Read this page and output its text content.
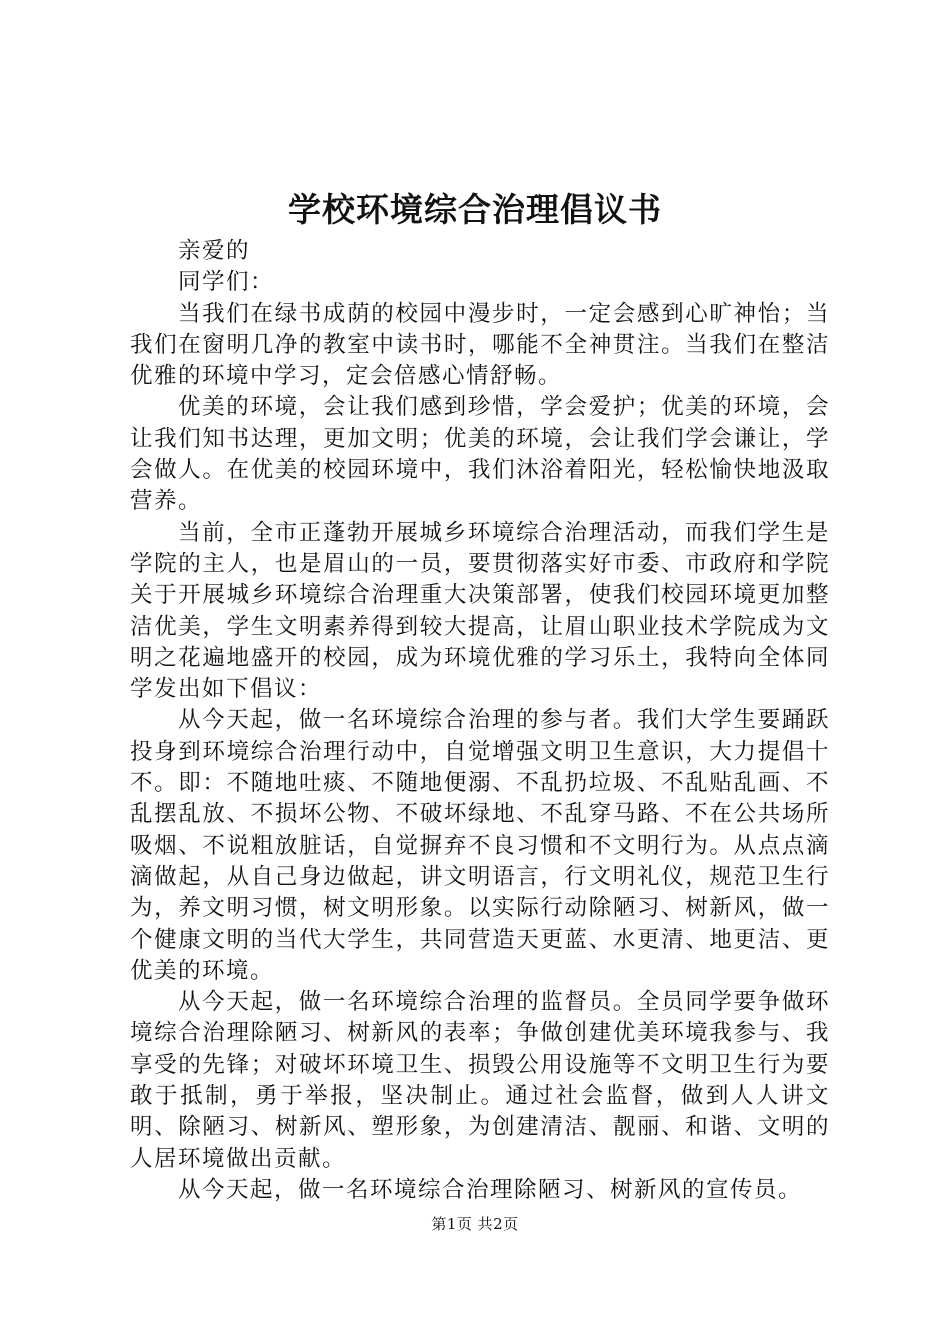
学校环境综合治理倡议书

亲爱的

同学们：

当我们在绿书成荫的校园中漫步时，一定会感到心旷神怡；当我们在窗明几净的教室中读书时，哪能不全神贯注。当我们在整洁优雅的环境中学习，定会倍感心情舒畅。

优美的环境，会让我们感到珍惜，学会爱护；优美的环境，会让我们知书达理，更加文明；优美的环境，会让我们学会谦让，学会做人。在优美的校园环境中，我们沐浴着阳光，轻松愉快地汲取营养。

当前，全市正蓬勃开展城乡环境综合治理活动，而我们学生是学院的主人，也是眉山的一员，要贯彻落实好市委、市政府和学院关于开展城乡环境综合治理重大决策部署，使我们校园环境更加整洁优美，学生文明素养得到较大提高，让眉山职业技术学院成为文明之花遍地盛开的校园，成为环境优雅的学习乐土，我特向全体同学发出如下倡议：

从今天起，做一名环境综合治理的参与者。我们大学生要踊跃投身到环境综合治理行动中，自觉增强文明卫生意识，大力提倡十不。即：不随地吐痰、不随地便溺、不乱扔垃圾、不乱贴乱画、不乱摆乱放、不损坏公物、不破坏绿地、不乱穿马路、不在公共场所吸烟、不说粗放脏话，自觉摒弃不良习惯和不文明行为。从点点滴滴做起，从自己身边做起，讲文明语言，行文明礼仪，规范卫生行为，养文明习惯，树文明形象。以实际行动除陋习、树新风，做一个健康文明的当代大学生，共同营造天更蓝、水更清、地更洁、更优美的环境。

从今天起，做一名环境综合治理的监督员。全员同学要争做环境综合治理除陋习、树新风的表率；争做创建优美环境我参与、我享受的先锋；对破坏环境卫生、损毁公用设施等不文明卫生行为要敢于抵制，勇于举报，坚决制止。通过社会监督，做到人人讲文明、除陋习、树新风、塑形象，为创建清洁、靓丽、和谐、文明的人居环境做出贡献。

从今天起，做一名环境综合治理除陋习、树新风的宣传员。

第1页 共2页
